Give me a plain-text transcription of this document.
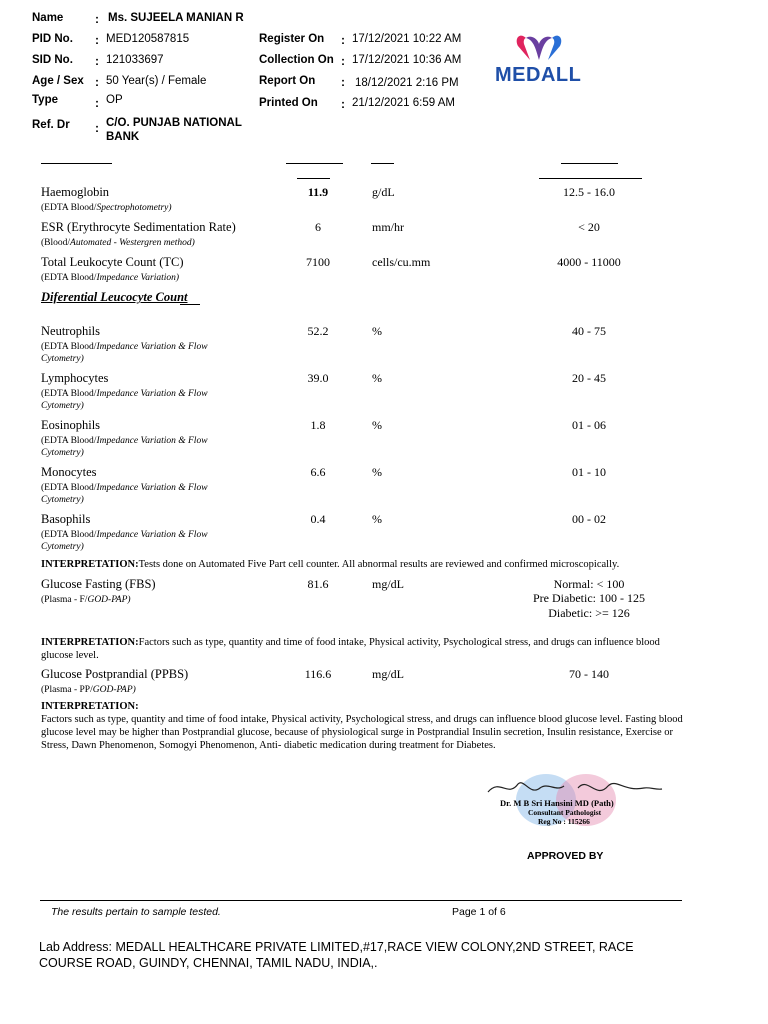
Name	: Ms. SUJEELA MANIAN R
PID No. : MED120587815
SID No. : 121033697
Age / Sex : 50 Year(s) / Female
Type	: OP
Ref. Dr : C/O. PUNJAB NATIONAL
BANK
Register On : 17/12/2021 10:22 AM
Collection On : 17/12/2021 10:36 AM
Report On : 18/12/2021 2:16 PM
Printed On : 21/12/2021 6:59 AM
MEDALL
Haemoglobin
(EDTA Blood/Spectrophotometry)
11.9	g/dL	12.5 - 16.0
ESR (Erythrocyte Sedimentation Rate)
(Blood/Automated - Westergren method)
6	mm/hr	< 20
Total Leukocyte Count (TC)
(EDTA Blood/Impedance Variation)
7100	cells/cu.mm	4000 - 11000
Diferential Leucocyte Count
Neutrophils
(EDTA Blood/Impedance Variation & Flow
Cytometry)
52.2	%	40 - 75
Lymphocytes
(EDTA Blood/Impedance Variation & Flow
Cytometry)
39.0	%	20 - 45
Eosinophils
(EDTA Blood/Impedance Variation & Flow
Cytometry)
1.8	%	01 - 06
Monocytes
(EDTA Blood/Impedance Variation & Flow
Cytometry)
6.6	%	01 - 10
Basophils
(EDTA Blood/Impedance Variation & Flow
Cytometry)
0.4	%	00 - 02
INTERPRETATION:Tests done on Automated Five Part cell counter. All abnormal results are reviewed and confirmed microscopically.
Glucose Fasting (FBS)
(Plasma - F/GOD-PAP)
81.6	mg/dL	Normal: < 100
Pre Diabetic: 100 - 125
Diabetic: >= 126
INTERPRETATION:Factors such as type, quantity and time of food intake, Physical activity, Psychological stress, and drugs can influence blood glucose level.
Glucose Postprandial (PPBS)
(Plasma - PP/GOD-PAP)
116.6	mg/dL	70 - 140
INTERPRETATION:
Factors such as type, quantity and time of food intake, Physical activity, Psychological stress, and drugs can influence blood glucose level. Fasting blood glucose level may be higher than Postprandial glucose, because of physiological surge in Postprandial Insulin secretion, Insulin resistance, Exercise or Stress, Dawn Phenomenon, Somogyi Phenomenon, Anti- diabetic medication during treatment for Diabetes.
Dr. M B Sri Hansini MD (Path)
Consultant Pathologist
Reg No : 115266
APPROVED BY
The results pertain to sample tested.	Page 1 of 6
Lab Address: MEDALL HEALTHCARE PRIVATE LIMITED,#17,RACE VIEW COLONY,2ND STREET, RACE COURSE ROAD, GUINDY, CHENNAI, TAMIL NADU, INDIA,.
